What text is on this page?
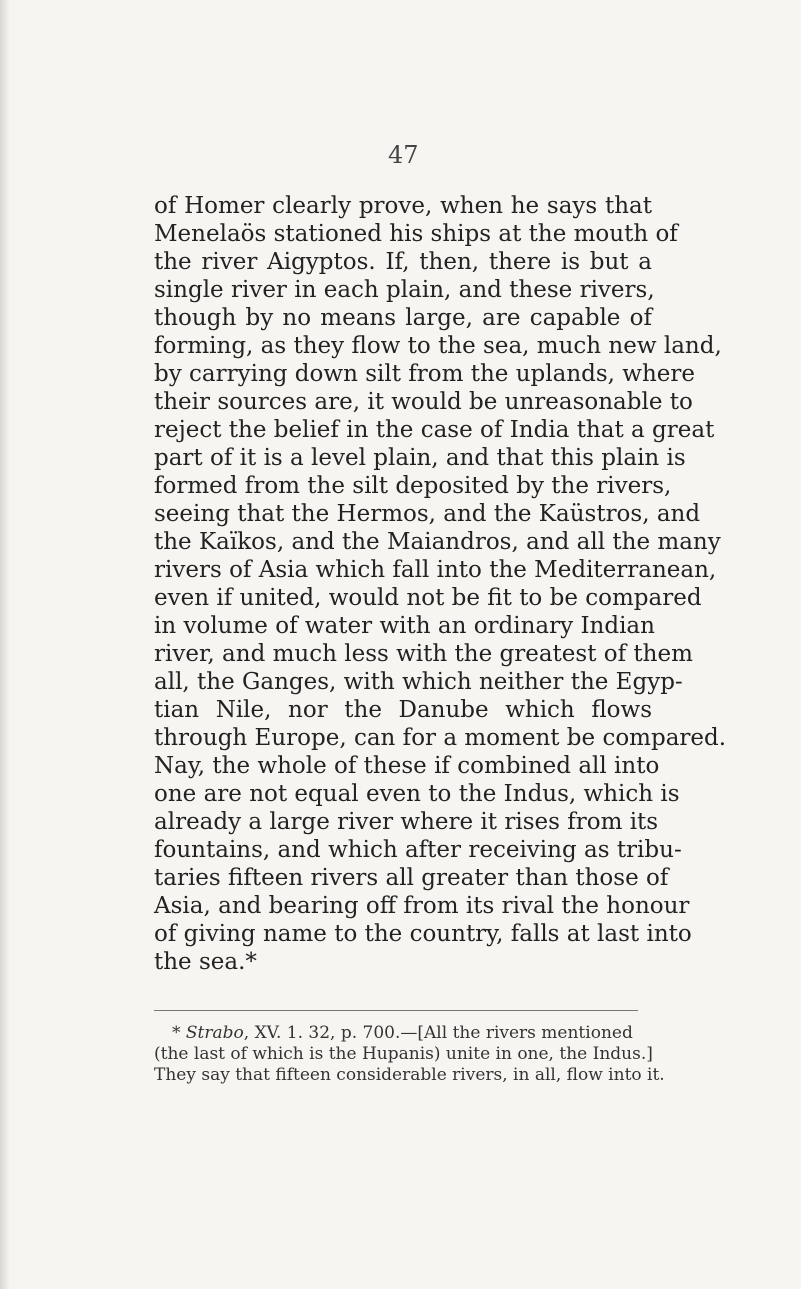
47
of Homer clearly prove, when he says that
Menelaös stationed his ships at the mouth of
the river Aigyptos. If, then, there is but a
single river in each plain, and these rivers,
though by no means large, are capable of
forming, as they flow to the sea, much new land,
by carrying down silt from the uplands, where
their sources are, it would be unreasonable to
reject the belief in the case of India that a great
part of it is a level plain, and that this plain is
formed from the silt deposited by the rivers,
seeing that the Hermos, and the Kaüstros, and
the Kaïkos, and the Maiandros, and all the many
rivers of Asia which fall into the Mediterranean,
even if united, would not be fit to be compared
in volume of water with an ordinary Indian
river, and much less with the greatest of them
all, the Ganges, with which neither the Egyp-
tian Nile, nor the Danube which flows
through Europe, can for a moment be compared.
Nay, the whole of these if combined all into
one are not equal even to the Indus, which is
already a large river where it rises from its
fountains, and which after receiving as tribu-
taries fifteen rivers all greater than those of
Asia, and bearing off from its rival the honour
of giving name to the country, falls at last into
the sea.*
* Strabo, XV. 1. 32, p. 700.—[All the rivers mentioned
(the last of which is the Hupanis) unite in one, the Indus.]
They say that fifteen considerable rivers, in all, flow into it.
